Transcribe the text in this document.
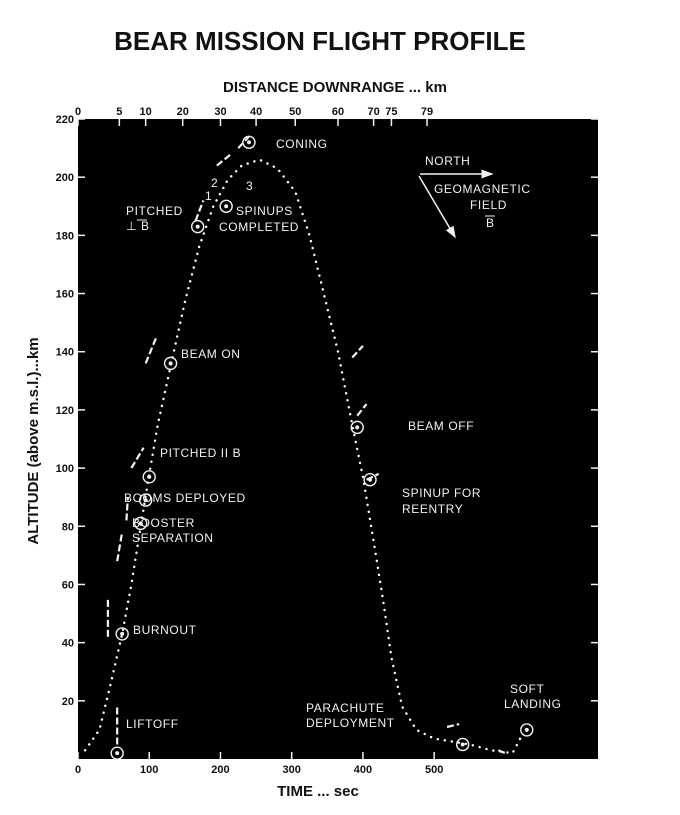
BEAR MISSION FLIGHT PROFILE
DISTANCE DOWNRANGE ... km
TIME ... sec
ALTITUDE (above m.s.l.)...km
20
40
60
80
100
120
140
160
180
200
220
0	100	200	300	400	500
0	5 10 20 30 40 50	60 70 75 79
CONING
PITCHED
⊥ B
SPINUPS
COMPLETED
1
2 3
BEAM ON
PITCHED II B
BOOMS DEPLOYED
BOOSTER
SEPARATION
BURNOUT
LIFTOFF
BEAM OFF
SPINUP FOR
REENTRY
PARACHUTE
DEPLOYMENT
SOFT
LANDING
NORTH
GEOMAGNETIC
FIELD
B
